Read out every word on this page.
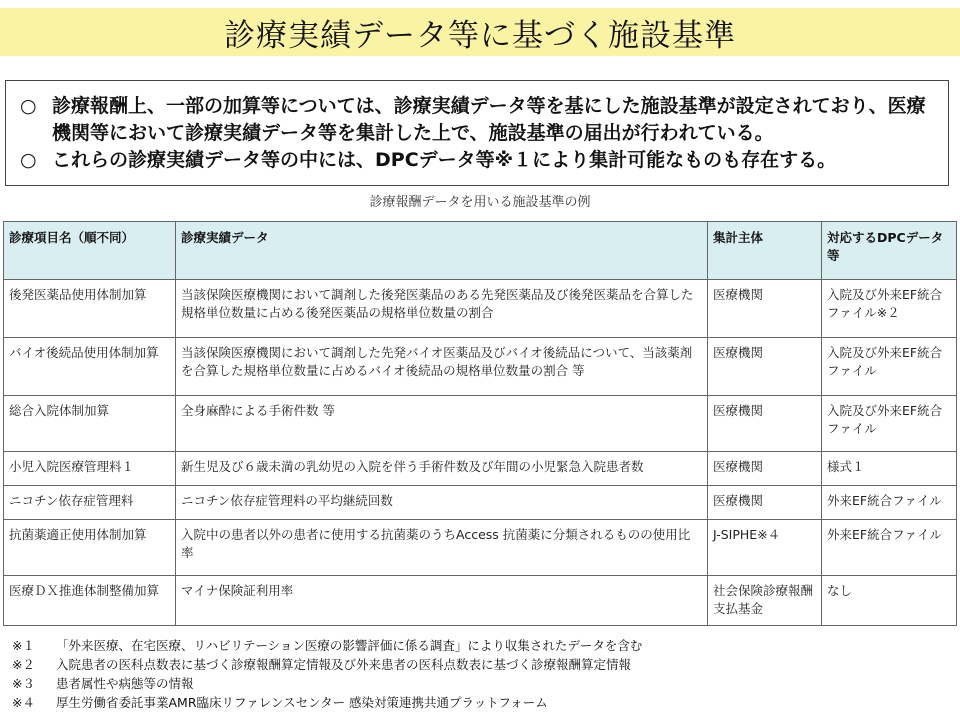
診療実績データ等に基づく施設基準
○ 診療報酬上、一部の加算等については、診療実績データ等を基にした施設基準が設定されており、医療機関等において診療実績データ等を集計した上で、施設基準の届出が行われている。
○ これらの診療実績データ等の中には、DPCデータ等※１により集計可能なものも存在する。
診療報酬データを用いる施設基準の例
診療項目名（順不同）	診療実績データ	集計主体	対応するDPCデータ等
後発医薬品使用体制加算	当該保険医療機関において調剤した後発医薬品のある先発医薬品及び後発医薬品を合算した規格単位数量に占める後発医薬品の規格単位数量の割合	医療機関	入院及び外来EF統合ファイル※２
バイオ後続品使用体制加算	当該保険医療機関において調剤した先発バイオ医薬品及びバイオ後続品について、当該薬剤を合算した規格単位数量に占めるバイオ後続品の規格単位数量の割合 等	医療機関	入院及び外来EF統合ファイル
総合入院体制加算	全身麻酔による手術件数 等	医療機関	入院及び外来EF統合ファイル
小児入院医療管理料１	新生児及び６歳未満の乳幼児の入院を伴う手術件数及び年間の小児緊急入院患者数	医療機関	様式１
ニコチン依存症管理料	ニコチン依存症管理料の平均継続回数	医療機関	外来EF統合ファイル
抗菌薬適正使用体制加算	入院中の患者以外の患者に使用する抗菌薬のうちAccess 抗菌薬に分類されるものの使用比率	J-SIPHE※４	外来EF統合ファイル
医療ＤＸ推進体制整備加算	マイナ保険証利用率	社会保険診療報酬支払基金	なし
※１	「外来医療、在宅医療、リハビリテーション医療の影響評価に係る調査」により収集されたデータを含む
※２	入院患者の医科点数表に基づく診療報酬算定情報及び外来患者の医科点数表に基づく診療報酬算定情報
※３	患者属性や病態等の情報
※４	厚生労働省委託事業AMR臨床リファレンスセンター 感染対策連携共通プラットフォーム
